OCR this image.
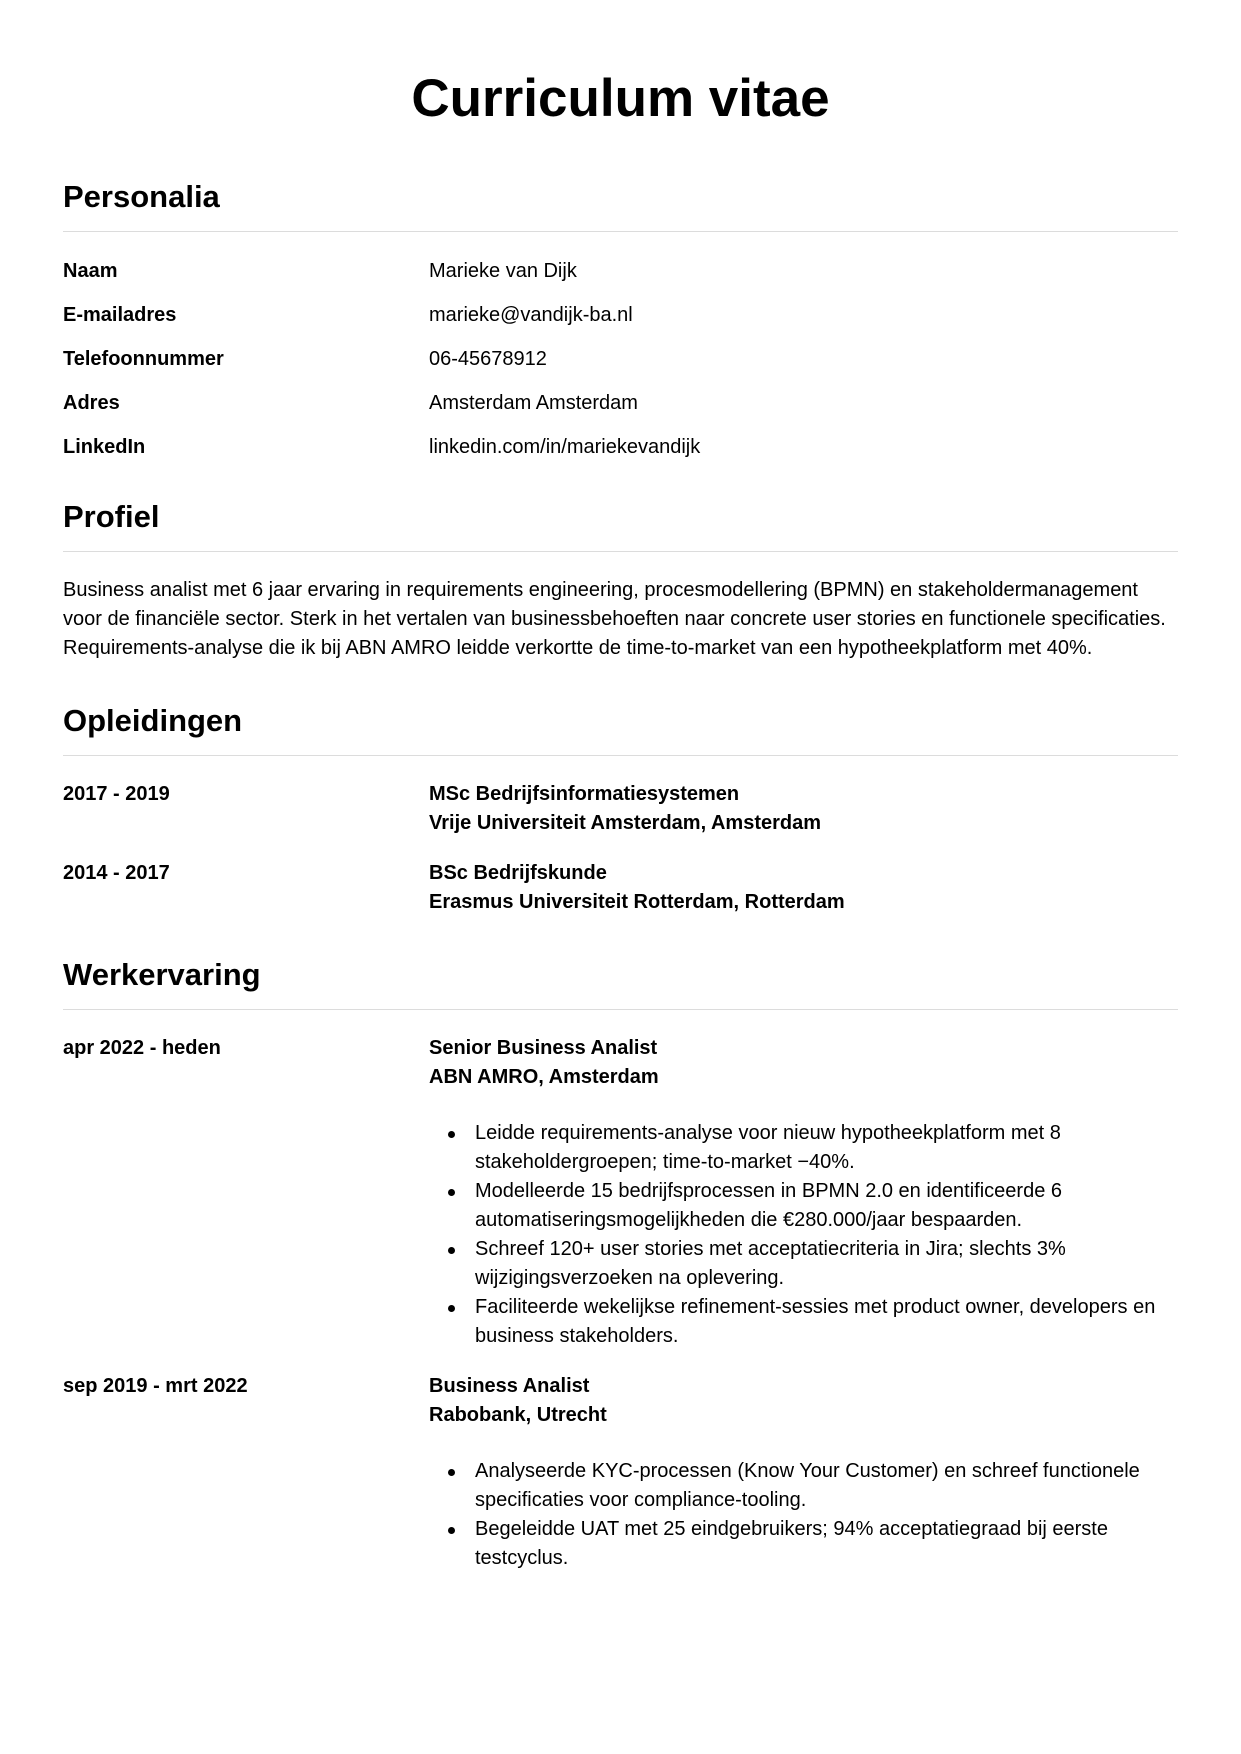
Curriculum vitae
Personalia
Naam	Marieke van Dijk
E-mailadres	marieke@vandijk-ba.nl
Telefoonnummer	06-45678912
Adres	Amsterdam Amsterdam
LinkedIn	linkedin.com/in/mariekevandijk
Profiel

Business analist met 6 jaar ervaring in requirements engineering, procesmodellering (BPMN) en stakeholdermanagement voor de financiële sector. Sterk in het vertalen van businessbehoeften naar concrete user stories en functionele specificaties. Requirements-analyse die ik bij ABN AMRO leidde verkortte de time-to-market van een hypotheekplatform met 40%.

Opleidingen
2017 - 2019	MSc Bedrijfsinformatiesystemen
Vrije Universiteit Amsterdam, Amsterdam
2014 - 2017	BSc Bedrijfskunde
Erasmus Universiteit Rotterdam, Rotterdam
Werkervaring
apr 2022 - heden	Senior Business Analist
ABN AMRO, Amsterdam
Leidde requirements-analyse voor nieuw hypotheekplatform met 8 stakeholdergroepen; time-to-market −40%.
Modelleerde 15 bedrijfsprocessen in BPMN 2.0 en identificeerde 6 automatiseringsmogelijkheden die €280.000/jaar bespaarden.
Schreef 120+ user stories met acceptatiecriteria in Jira; slechts 3% wijzigingsverzoeken na oplevering.
Faciliteerde wekelijkse refinement-sessies met product owner, developers en business stakeholders.
sep 2019 - mrt 2022	Business Analist
Rabobank, Utrecht
Analyseerde KYC-processen (Know Your Customer) en schreef functionele specificaties voor compliance-tooling.
Begeleidde UAT met 25 eindgebruikers; 94% acceptatiegraad bij eerste testcyclus.
